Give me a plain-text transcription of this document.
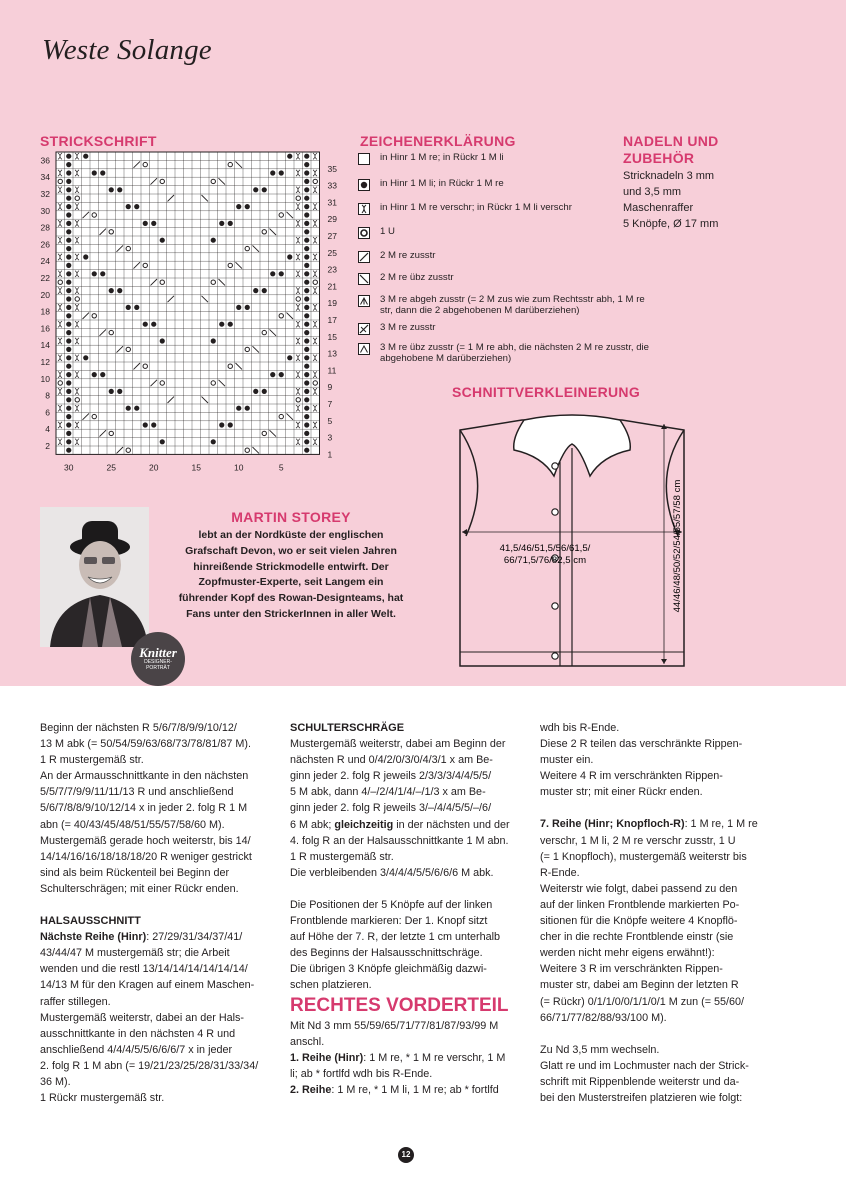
Weste Solange
STRICKSCHRIFT
36
34
32
30
28
26
24
22
20
18
16
14
12
10
8
6
4
2
35
33
31
29
27
25
23
21
19
17
15
13
11
9
7
5
3
1
30	25	20	15	10	5
ZEICHENERKLÄRUNG
in Hinr 1 M re; in Rückr 1 M li
in Hinr 1 M li; in Rückr 1 M re
in Hinr 1 M re verschr; in Rückr 1 M li verschr
1 U
2 M re zusstr
2 M re übz zusstr
3 M re abgeh zusstr (= 2 M zus wie zum Rechtsstr abh, 1 M re str, dann die 2 abgehobenen M darüberziehen)
3 M re zusstr
3 M re übz zusstr (= 1 M re abh, die nächsten 2 M re zusstr, die abgehobene M darüberziehen)
NADELN UND
ZUBEHÖR
Stricknadeln 3 mm
und 3,5 mm
Maschenraffer
5 Knöpfe, Ø 17 mm
SCHNITTVERKLEINERUNG
41,5/46/51,5/56/61,5/
66/71,5/76/82,5 cm	44/46/48/50/52/54/55/57/58 cm
Knitter
DESIGNER-
PORTRÄT
MARTIN STOREY
lebt an der Nordküste der englischen
Grafschaft Devon, wo er seit vielen Jahren
hinreißende Strickmodelle entwirft. Der
Zopfmuster-Experte, seit Langem ein
führender Kopf des Rowan-Designteams, hat
Fans unter den StrickerInnen in aller Welt.

Beginn der nächsten R 5/6/7/8/9/9/10/12/

13 M abk (= 50/54/59/63/68/73/78/81/87 M).

1 R mustergemäß str.

An der Armausschnittkante in den nächsten

5/5/7/7/9/9/11/11/13 R und anschließend

5/6/7/8/8/9/10/12/14 x in jeder 2. folg R 1 M

abn (= 40/43/45/48/51/55/57/58/60 M).

Mustergemäß gerade hoch weiterstr, bis 14/

14/14/16/16/18/18/18/20 R weniger gestrickt

sind als beim Rückenteil bei Beginn der

Schulterschrägen; mit einer Rückr enden.

HALSAUSSCHNITT

Nächste Reihe (Hinr): 27/29/31/34/37/41/

43/44/47 M mustergemäß str; die Arbeit

wenden und die restl 13/14/14/14/14/14/14/

14/13 M für den Kragen auf einem Maschen-

raffer stillegen.

Mustergemäß weiterstr, dabei an der Hals-

ausschnittkante in den nächsten 4 R und

anschließend 4/4/4/5/5/6/6/6/7 x in jeder

2. folg R 1 M abn (= 19/21/23/25/28/31/33/34/

36 M).

1 Rückr mustergemäß str.

SCHULTERSCHRÄGE

Mustergemäß weiterstr, dabei am Beginn der

nächsten R und 0/4/2/0/3/0/4/3/1 x am Be-

ginn jeder 2. folg R jeweils 2/3/3/3/4/4/5/5/

5 M abk, dann 4/–/2/4/1/4/–/1/3 x am Be-

ginn jeder 2. folg R jeweils 3/–/4/4/5/5/–/6/

6 M abk; gleichzeitig in der nächsten und der

4. folg R an der Halsausschnittkante 1 M abn.

1 R mustergemäß str.

Die verbleibenden 3/4/4/4/5/5/6/6/6 M abk.

Die Positionen der 5 Knöpfe auf der linken

Frontblende markieren: Der 1. Knopf sitzt

auf Höhe der 7. R, der letzte 1 cm unterhalb

des Beginns der Halsausschnittschräge.

Die übrigen 3 Knöpfe gleichmäßig dazwi-

schen platzieren.

RECHTES VORDERTEIL

Mit Nd 3 mm 55/59/65/71/77/81/87/93/99 M

anschl.

1. Reihe (Hinr): 1 M re, * 1 M re verschr, 1 M

li; ab * fortlfd wdh bis R-Ende.

2. Reihe: 1 M re, * 1 M li, 1 M re; ab * fortlfd

wdh bis R-Ende.

Diese 2 R teilen das verschränkte Rippen-

muster ein.

Weitere 4 R im verschränkten Rippen-

muster str; mit einer Rückr enden.

7. Reihe (Hinr; Knopfloch-R): 1 M re, 1 M re

verschr, 1 M li, 2 M re verschr zusstr, 1 U

(= 1 Knopfloch), mustergemäß weiterstr bis

R-Ende.

Weiterstr wie folgt, dabei passend zu den

auf der linken Frontblende markierten Po-

sitionen für die Knöpfe weitere 4 Knopflö-

cher in die rechte Frontblende einstr (sie

werden nicht mehr eigens erwähnt!):

Weitere 3 R im verschränkten Rippen-

muster str, dabei am Beginn der letzten R

(= Rückr) 0/1/1/0/0/1/1/0/1 M zun (= 55/60/

66/71/77/82/88/93/100 M).

Zu Nd 3,5 mm wechseln.

Glatt re und im Lochmuster nach der Strick-

schrift mit Rippenblende weiterstr und da-

bei den Musterstreifen platzieren wie folgt:

12
